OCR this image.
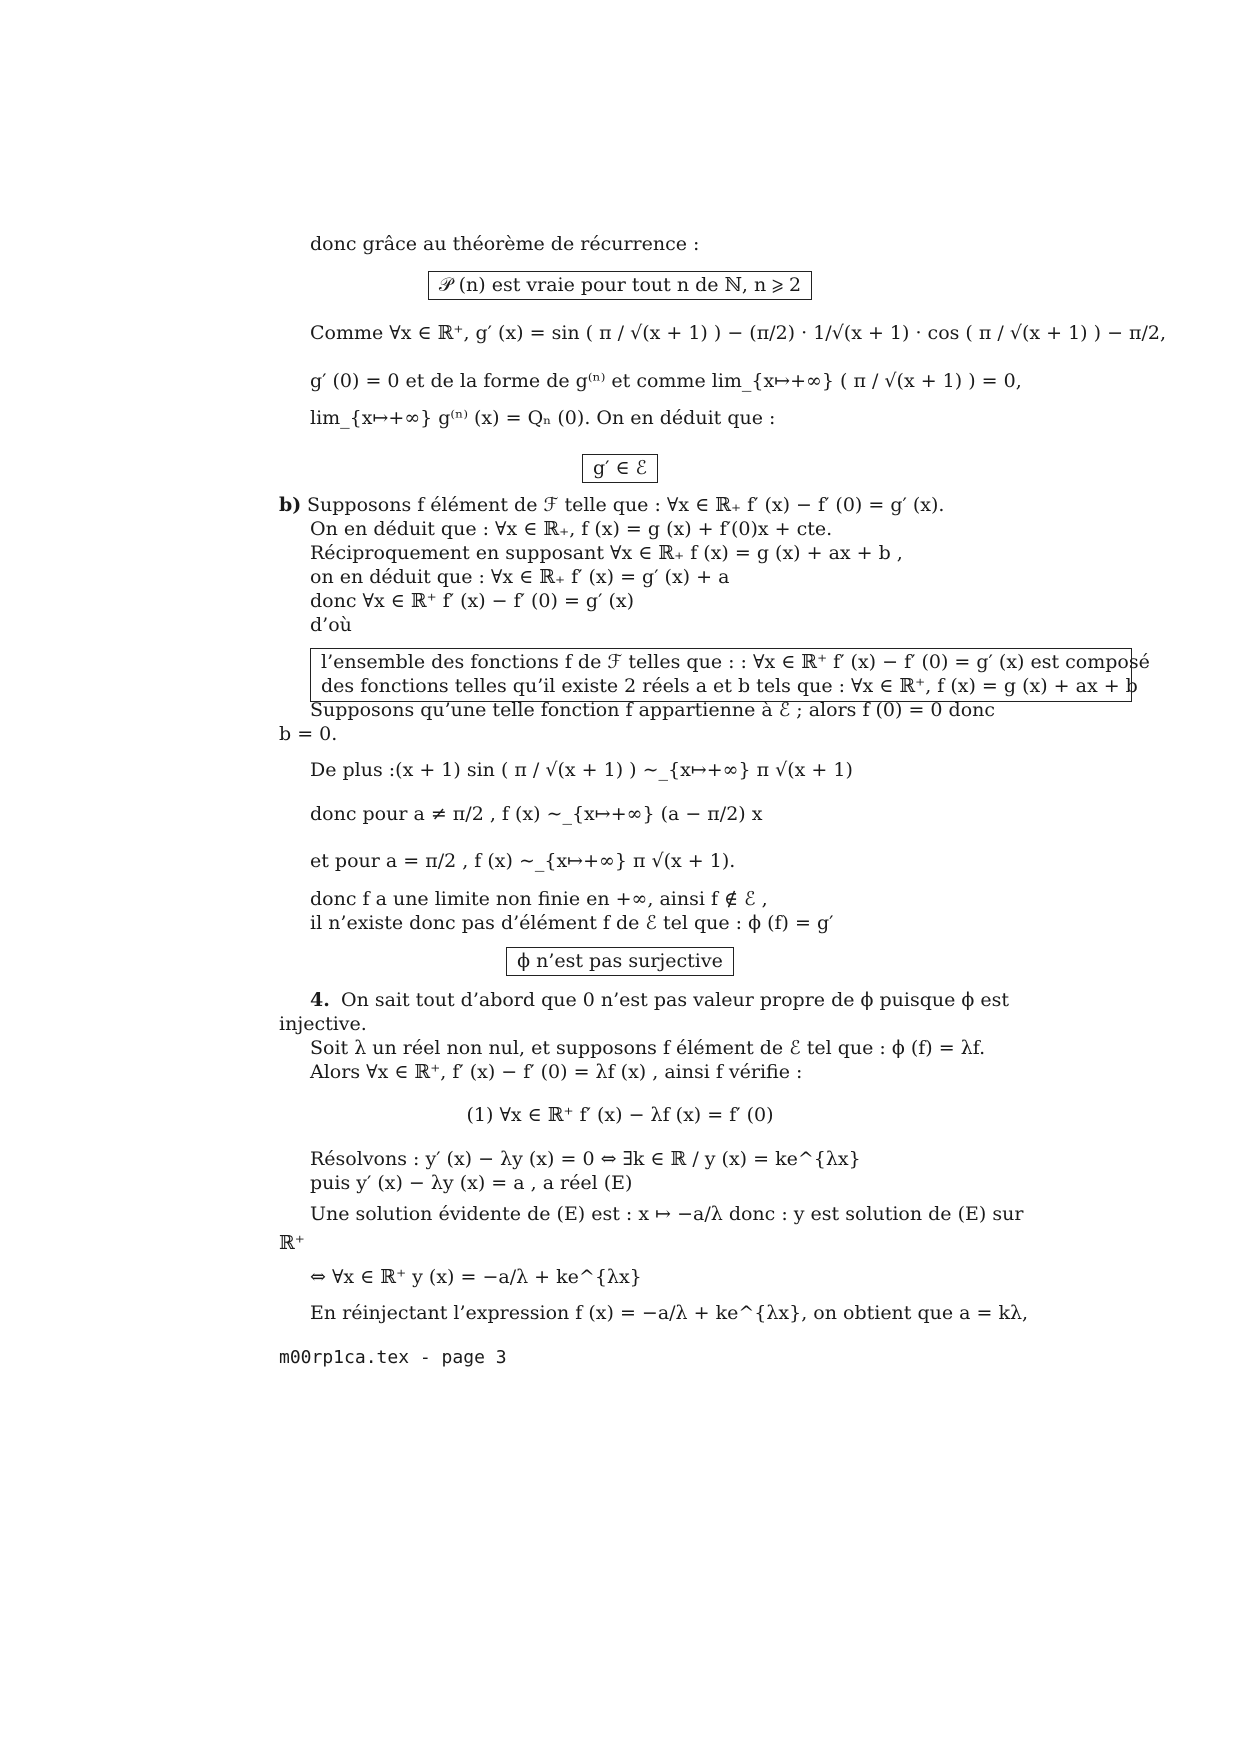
donc grâce au théorème de récurrence :
𝒫 (n) est vraie pour tout n de ℕ, n ⩾ 2
Comme ∀x ∈ ℝ⁺, g′ (x) = sin ( π / √(x + 1) ) − (π/2) · 1/√(x + 1) · cos ( π / √(x + 1) ) − π/2,
g′ (0) = 0 et de la forme de g⁽ⁿ⁾ et comme lim_{x↦+∞} ( π / √(x + 1) ) = 0,
lim_{x↦+∞} g⁽ⁿ⁾ (x) = Qₙ (0). On en déduit que :
g′ ∈ ℰ
b) Supposons f élément de ℱ telle que : ∀x ∈ ℝ₊ f′ (x) − f′ (0) = g′ (x).
On en déduit que : ∀x ∈ ℝ₊, f (x) = g (x) + f′(0)x + cte.
Réciproquement en supposant ∀x ∈ ℝ₊ f (x) = g (x) + ax + b ,
on en déduit que : ∀x ∈ ℝ₊ f′ (x) = g′ (x) + a
donc ∀x ∈ ℝ⁺ f′ (x) − f′ (0) = g′ (x)
d’où
l’ensemble des fonctions f de ℱ telles que : : ∀x ∈ ℝ⁺ f′ (x) − f′ (0) = g′ (x) est composé
des fonctions telles qu’il existe 2 réels a et b tels que : ∀x ∈ ℝ⁺, f (x) = g (x) + ax + b
Supposons qu’une telle fonction f appartienne à ℰ ; alors f (0) = 0 donc
b = 0.
De plus :(x + 1) sin ( π / √(x + 1) ) ∼_{x↦+∞} π √(x + 1)
donc pour a ≠ π/2 , f (x) ∼_{x↦+∞} (a − π/2) x
et pour a = π/2 , f (x) ∼_{x↦+∞} π √(x + 1).
donc f a une limite non finie en +∞, ainsi f ∉ ℰ ,
il n’existe donc pas d’élément f de ℰ tel que : ϕ (f) = g′
ϕ n’est pas surjective
4. On sait tout d’abord que 0 n’est pas valeur propre de ϕ puisque ϕ est
injective.
Soit λ un réel non nul, et supposons f élément de ℰ tel que : ϕ (f) = λf.
Alors ∀x ∈ ℝ⁺, f′ (x) − f′ (0) = λf (x) , ainsi f vérifie :
(1) ∀x ∈ ℝ⁺ f′ (x) − λf (x) = f′ (0)
Résolvons : y′ (x) − λy (x) = 0 ⇔ ∃k ∈ ℝ / y (x) = ke^{λx}
puis y′ (x) − λy (x) = a , a réel (E)
Une solution évidente de (E) est : x ↦ −a/λ donc : y est solution de (E) sur
ℝ⁺
⇔ ∀x ∈ ℝ⁺ y (x) = −a/λ + ke^{λx}
En réinjectant l’expression f (x) = −a/λ + ke^{λx}, on obtient que a = kλ,
m00rp1ca.tex - page 3
